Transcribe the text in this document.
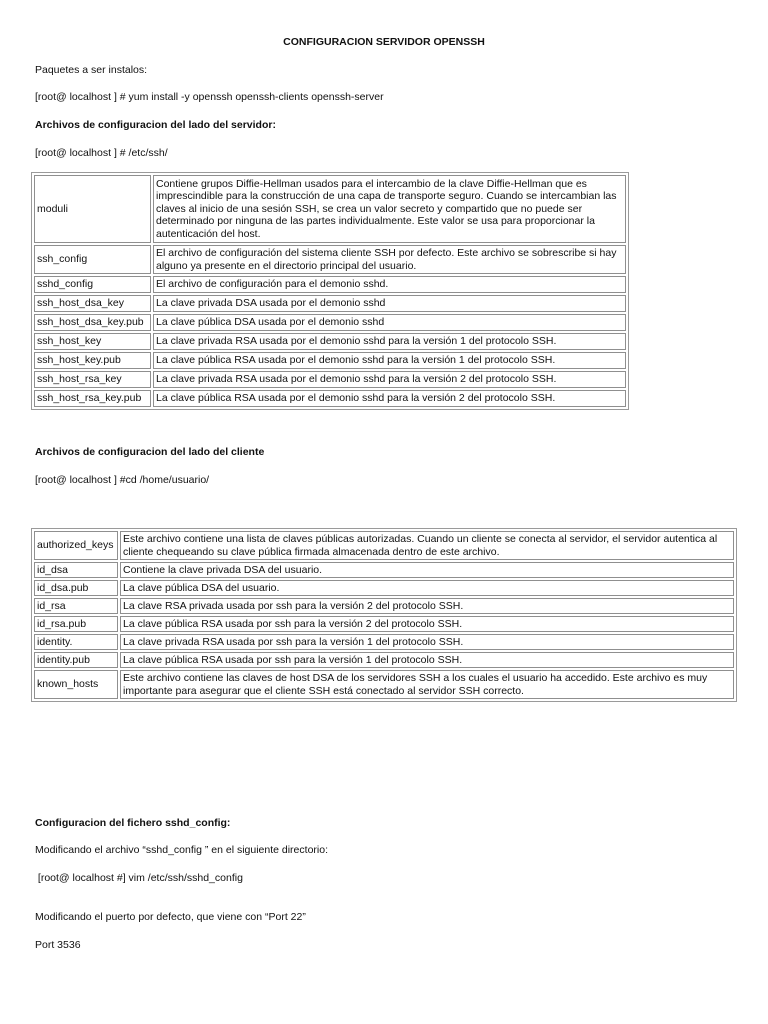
CONFIGURACION SERVIDOR OPENSSH
Paquetes a ser instalos:
[root@ localhost ] # yum install -y openssh openssh-clients openssh-server
Archivos de configuracion del lado del servidor:
[root@ localhost ] # /etc/ssh/
moduli	Contiene grupos Diffie-Hellman usados para el intercambio de la clave Diffie-Hellman que es imprescindible para la construcción de una capa de transporte seguro. Cuando se intercambian las claves al inicio de una sesión SSH, se crea un valor secreto y compartido que no puede ser determinado por ninguna de las partes individualmente. Este valor se usa para proporcionar la autenticación del host.
ssh_config	El archivo de configuración del sistema cliente SSH por defecto. Este archivo se sobrescribe si hay alguno ya presente en el directorio principal del usuario.
sshd_config	El archivo de configuración para el demonio sshd.
ssh_host_dsa_key	La clave privada DSA usada por el demonio sshd
ssh_host_dsa_key.pub	La clave pública DSA usada por el demonio sshd
ssh_host_key	La clave privada RSA usada por el demonio sshd para la versión 1 del protocolo SSH.
ssh_host_key.pub	La clave pública RSA usada por el demonio sshd para la versión 1 del protocolo SSH.
ssh_host_rsa_key	La clave privada RSA usada por el demonio sshd para la versión 2 del protocolo SSH.
ssh_host_rsa_key.pub	La clave pública RSA usada por el demonio sshd para la versión 2 del protocolo SSH.
Archivos de configuracion del lado del cliente
[root@ localhost ] #cd /home/usuario/
authorized_keys	Este archivo contiene una lista de claves públicas autorizadas. Cuando un cliente se conecta al servidor, el servidor autentica al cliente chequeando su clave pública firmada almacenada dentro de este archivo.
id_dsa	Contiene la clave privada DSA del usuario.
id_dsa.pub	La clave pública DSA del usuario.
id_rsa	La clave RSA privada usada por ssh para la versión 2 del protocolo SSH.
id_rsa.pub	La clave pública RSA usada por ssh para la versión 2 del protocolo SSH.
identity.	La clave privada RSA usada por ssh para la versión 1 del protocolo SSH.
identity.pub	La clave pública RSA usada por ssh para la versión 1 del protocolo SSH.
known_hosts	Este archivo contiene las claves de host DSA de los servidores SSH a los cuales el usuario ha accedido. Este archivo es muy importante para asegurar que el cliente SSH está conectado al servidor SSH correcto.
Configuracion del fichero sshd_config:
Modificando el archivo “sshd_config ” en el siguiente directorio:
[root@ localhost #] vim /etc/ssh/sshd_config
Modificando el puerto por defecto, que viene con “Port 22”
Port 3536
